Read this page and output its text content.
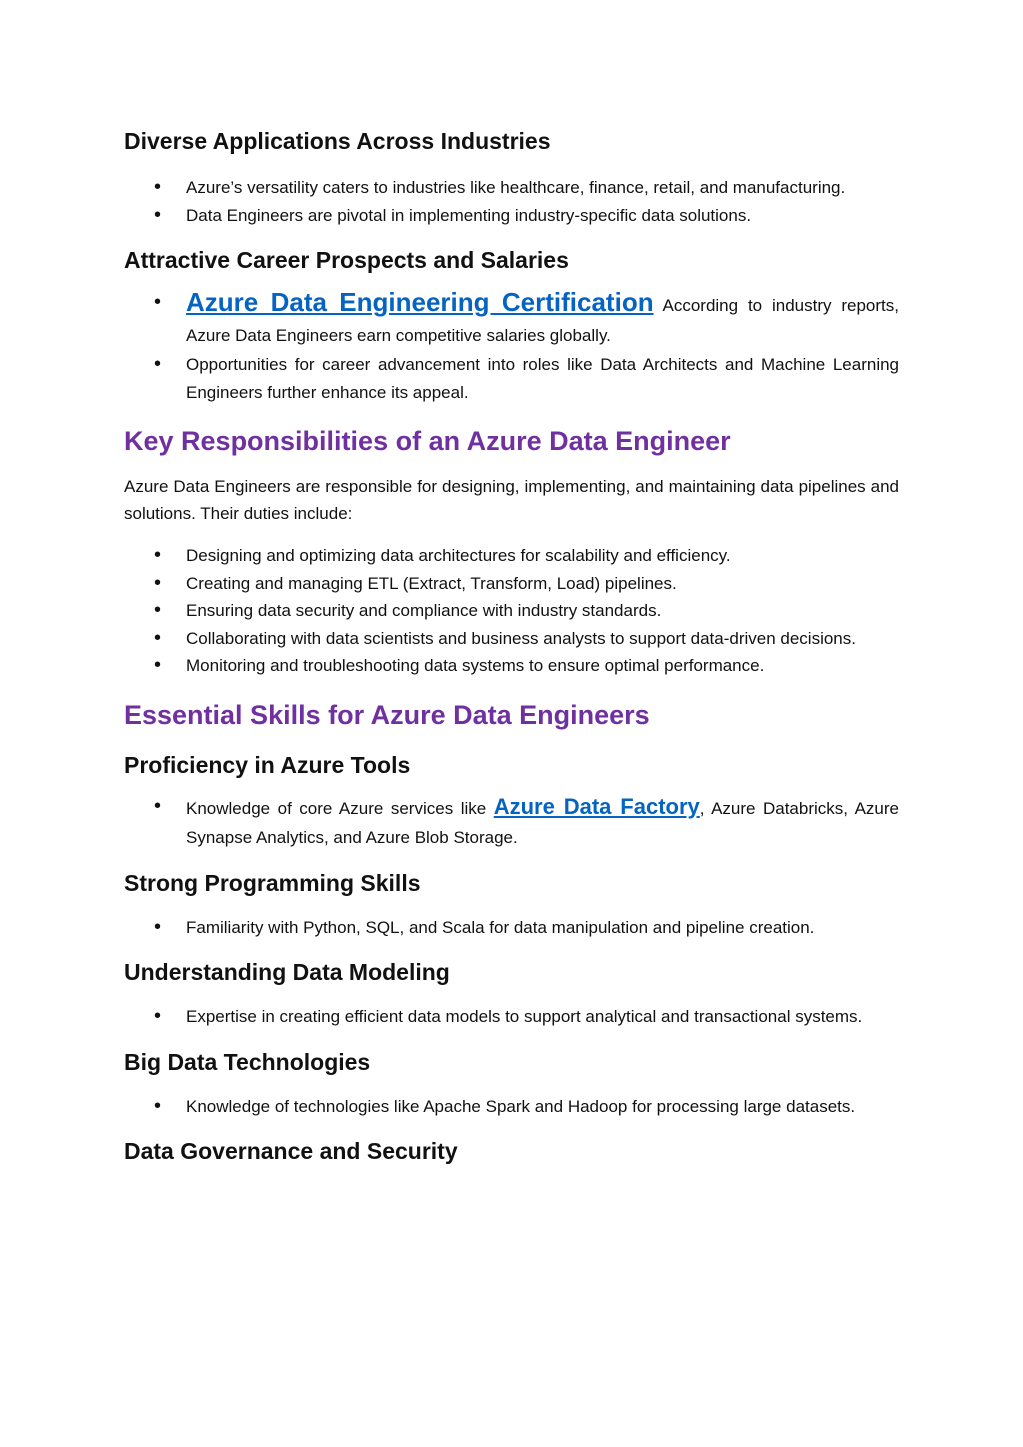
Diverse Applications Across Industries
• Azure’s versatility caters to industries like healthcare, finance, retail, and manufacturing.
• Data Engineers are pivotal in implementing industry-specific data solutions.
Attractive Career Prospects and Salaries
• Azure Data Engineering Certification According to industry reports, Azure Data Engineers earn competitive salaries globally.
• Opportunities for career advancement into roles like Data Architects and Machine Learning Engineers further enhance its appeal.
Key Responsibilities of an Azure Data Engineer

Azure Data Engineers are responsible for designing, implementing, and maintaining data pipelines and solutions. Their duties include:

• Designing and optimizing data architectures for scalability and efficiency.
• Creating and managing ETL (Extract, Transform, Load) pipelines.
• Ensuring data security and compliance with industry standards.
• Collaborating with data scientists and business analysts to support data-driven decisions.
• Monitoring and troubleshooting data systems to ensure optimal performance.
Essential Skills for Azure Data Engineers
Proficiency in Azure Tools
• Knowledge of core Azure services like Azure Data Factory, Azure Databricks, Azure Synapse Analytics, and Azure Blob Storage.
Strong Programming Skills
• Familiarity with Python, SQL, and Scala for data manipulation and pipeline creation.
Understanding Data Modeling
• Expertise in creating efficient data models to support analytical and transactional systems.
Big Data Technologies
• Knowledge of technologies like Apache Spark and Hadoop for processing large datasets.
Data Governance and Security
